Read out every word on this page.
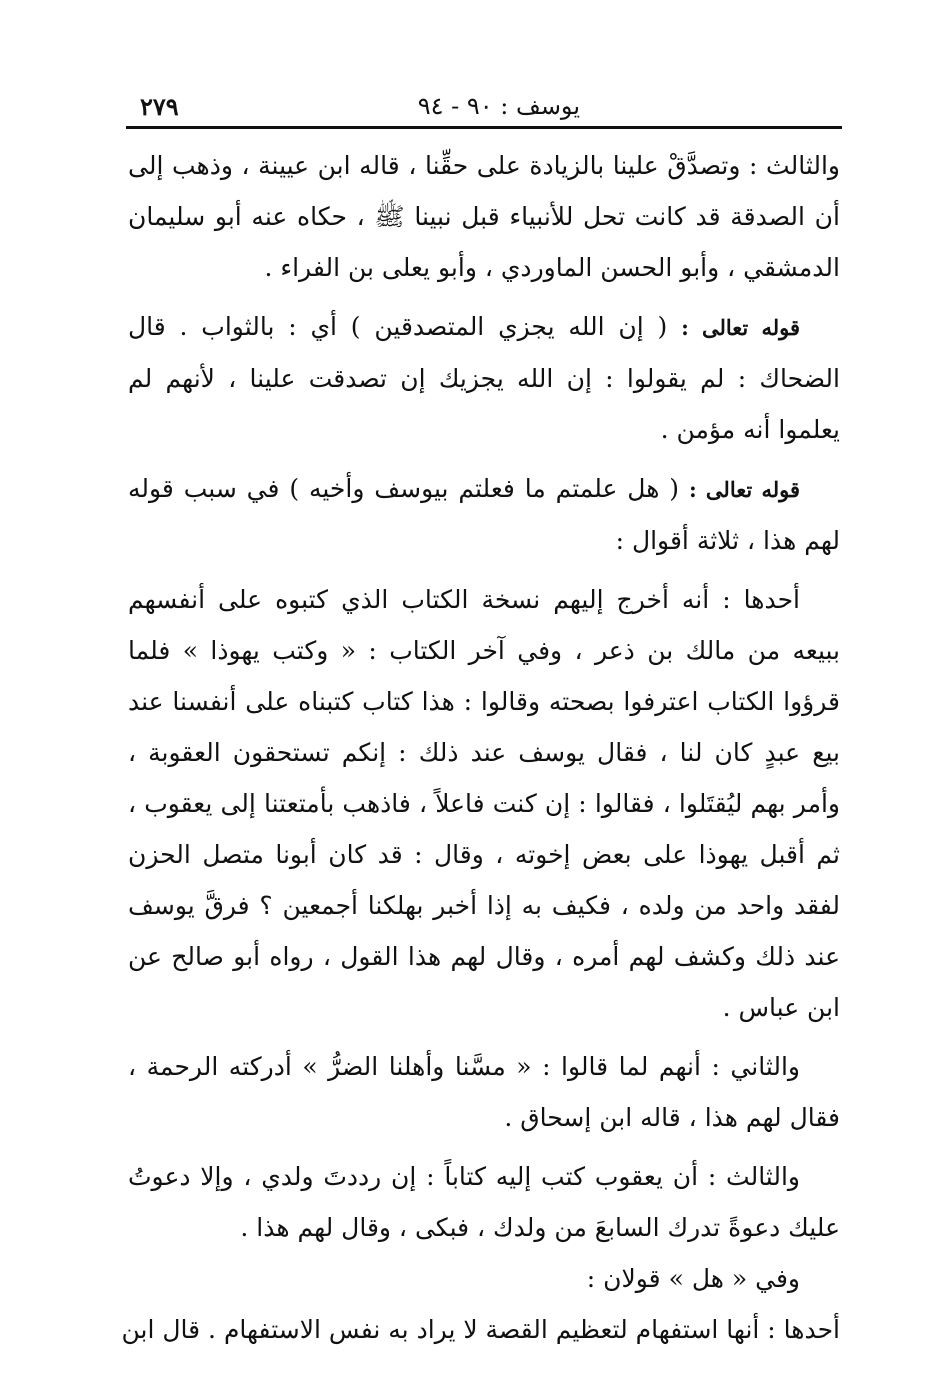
يوسف : ٩٠ - ٩٤
٢٧٩

والثالث : وتصدَّقْ علينا بالزيادة على حقِّنا ، قاله ابن عيينة ، وذهب إلى أن الصدقة قد كانت تحل للأنبياء قبل نبينا ﷺ ، حكاه عنه أبو سليمان الدمشقي ، وأبو الحسن الماوردي ، وأبو يعلى بن الفراء .

قوله تعالى : ( إن الله يجزي المتصدقين ) أي : بالثواب . قال الضحاك : لم يقولوا : إن الله يجزيك إن تصدقت علينا ، لأنهم لم يعلموا أنه مؤمن .

قوله تعالى : ( هل علمتم ما فعلتم بيوسف وأخيه ) في سبب قوله لهم هذا ، ثلاثة أقوال :

أحدها : أنه أخرج إليهم نسخة الكتاب الذي كتبوه على أنفسهم ببيعه من مالك بن ذعر ، وفي آخر الكتاب : « وكتب يهوذا » فلما قرؤوا الكتاب اعترفوا بصحته وقالوا : هذا كتاب كتبناه على أنفسنا عند بيع عبدٍ كان لنا ، فقال يوسف عند ذلك : إنكم تستحقون العقوبة ، وأمر بهم ليُقتَلوا ، فقالوا : إن كنت فاعلاً ، فاذهب بأمتعتنا إلى يعقوب ، ثم أقبل يهوذا على بعض إخوته ، وقال : قد كان أبونا متصل الحزن لفقد واحد من ولده ، فكيف به إذا أخبر بهلكنا أجمعين ؟ فرقَّ يوسف عند ذلك وكشف لهم أمره ، وقال لهم هذا القول ، رواه أبو صالح عن ابن عباس .

والثاني : أنهم لما قالوا : « مسَّنا وأهلنا الضرُّ » أدركته الرحمة ، فقال لهم هذا ، قاله ابن إسحاق .

والثالث : أن يعقوب كتب إليه كتاباً : إن رددتَ ولدي ، وإلا دعوتُ عليك دعوةً تدرك السابعَ من ولدك ، فبكى ، وقال لهم هذا .

وفي « هل » قولان :

أحدها : أنها استفهام لتعظيم القصة لا يراد به نفس الاستفهام . قال ابن
